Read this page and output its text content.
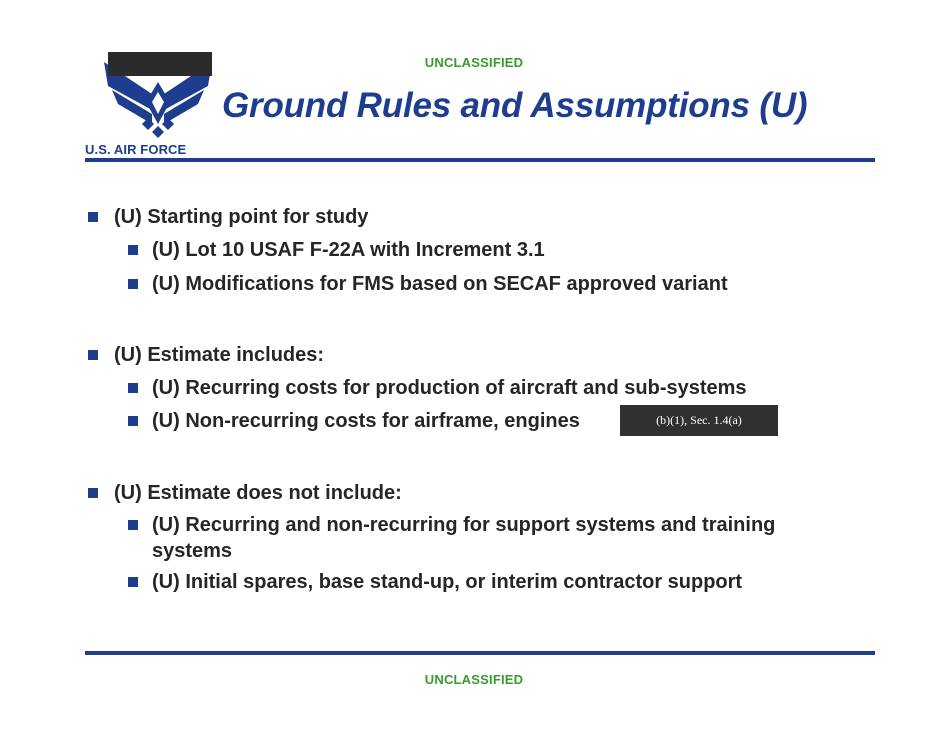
UNCLASSIFIED
U.S. AIR FORCE
Ground Rules and Assumptions (U)
(U) Starting point for study
(U) Lot 10 USAF F-22A with Increment 3.1
(U) Modifications for FMS based on SECAF approved variant
(U) Estimate includes:
(U) Recurring costs for production of aircraft and sub-systems
(U) Non-recurring costs for airframe, engines	(b)(1), Sec. 1.4(a)
(U) Estimate does not include:
(U) Recurring and non-recurring for support systems and training
systems
(U) Initial spares, base stand-up, or interim contractor support
UNCLASSIFIED
